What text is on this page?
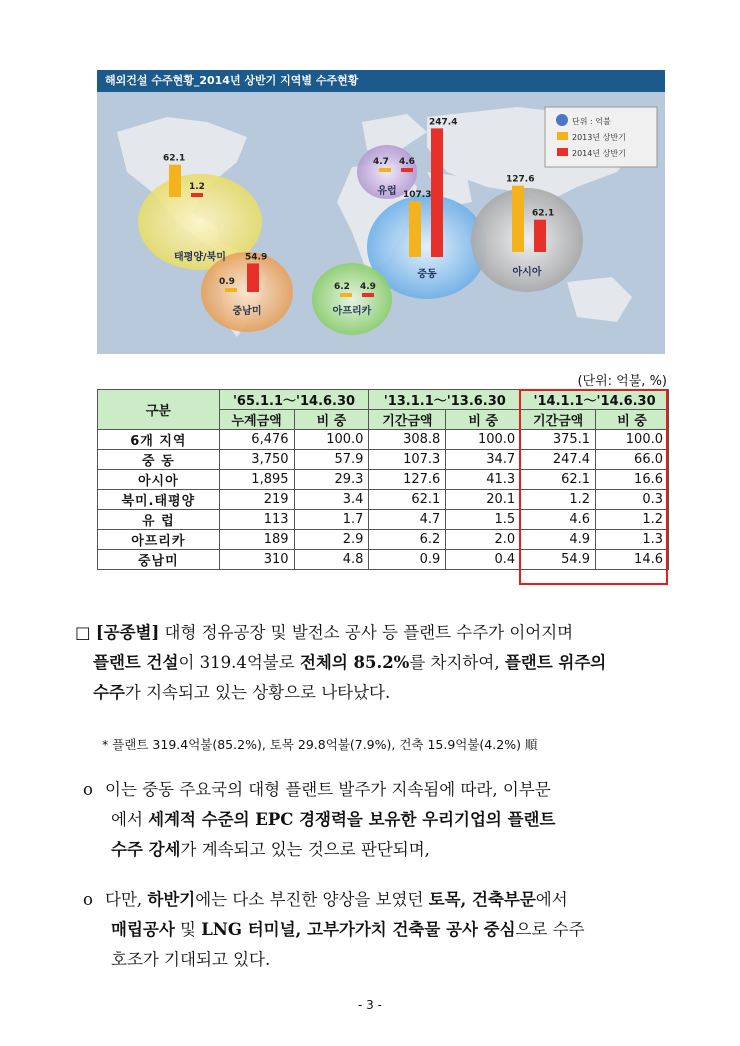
해외건설 수주현황_2014년 상반기 지역별 수주현황
단위 : 억불
2013년 상반기
2014년 상반기
62.1
1.2
태평양/북미
4.7 4.6
유럽 107.3
247.4
중동
127.6
62.1
아시아
0.9
54.9
중남미
6.2 4.9
아프리카
(단위: 억불, %)
구분	'65.1.1～'14.6.30		'13.1.1～'13.6.30		'14.1.1～'14.6.30	
	누계금액	비 중	기간금액	비 중	기간금액	비 중
6개 지역	6,476	100.0	308.8	100.0	375.1	100.0
중 동	3,750	57.9	107.3	34.7	247.4	66.0
아시아	1,895	29.3	127.6	41.3	62.1	16.6
북미.태평양	219	3.4	62.1	20.1	1.2	0.3
유 럽	113	1.7	4.7	1.5	4.6	1.2
아프리카	189	2.9	6.2	2.0	4.9	1.3
중남미	310	4.8	0.9	0.4	54.9	14.6
□ [공종별] 대형 정유공장 및 발전소 공사 등 플랜트 수주가 이어지며
플랜트 건설이 319.4억불로 전체의 85.2%를 차지하여, 플랜트 위주의
수주가 지속되고 있는 상황으로 나타났다.
* 플랜트 319.4억불(85.2%), 토목 29.8억불(7.9%), 건축 15.9억불(4.2%) 順
o 이는 중동 주요국의 대형 플랜트 발주가 지속됨에 따라, 이부문
에서 세계적 수준의 EPC 경쟁력을 보유한 우리기업의 플랜트
수주 강세가 계속되고 있는 것으로 판단되며,
o 다만, 하반기에는 다소 부진한 양상을 보였던 토목, 건축부문에서
매립공사 및 LNG 터미널, 고부가가치 건축물 공사 중심으로 수주
호조가 기대되고 있다.
- 3 -
